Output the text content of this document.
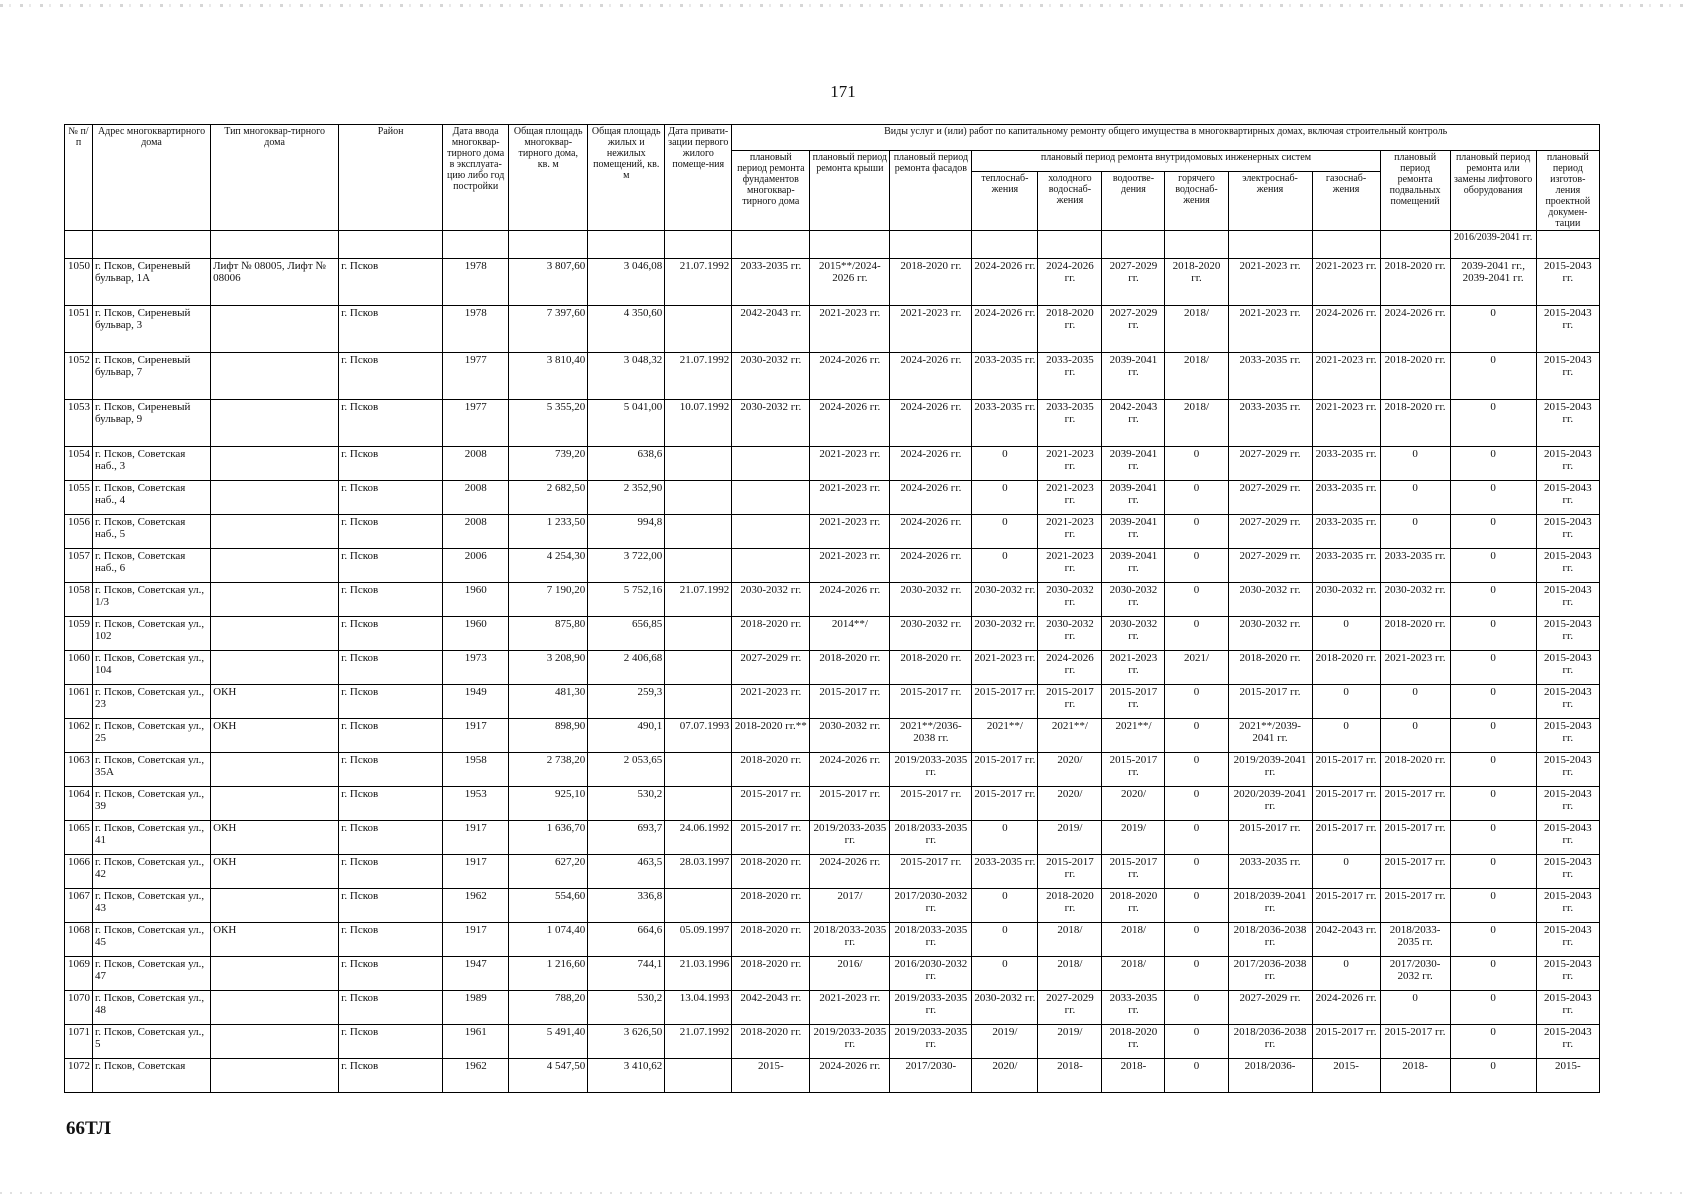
171
№ п/п	Адрес многоквартирного дома	Тип многоквар-тирного дома	Район	Дата ввода многоквар-тирного дома в эксплуата-цию либо год постройки	Общая площадь многоквар-тирного дома, кв. м	Общая площадь жилых и нежилых помещений, кв. м	Дата привати-зации первого жилого помеще-ния	Виды услуг и (или) работ по капитальному ремонту общего имущества в многоквартирных домах, включая строительный контроль											
								плановый период ремонта фундаментов многоквар-тирного дома	плановый период ремонта крыши	плановый период ремонта фасадов	плановый период ремонта внутридомовых инженерных систем						плановый период ремонта подвальных помещений	плановый период ремонта или замены лифтового оборудования	плановый период изготов-ления проектной докумен-тации
											теплоснаб-жения	холодного водоснаб-жения	водоотве-дения	горячего водоснаб-жения	электроснаб-жения	газоснаб-жения			
																		2016/2039-2041 гг.	
1050	г. Псков, Сиреневый бульвар, 1А	Лифт № 08005, Лифт № 08006	г. Псков	1978	3 807,60	3 046,08	21.07.1992	2033-2035 гг.	2015**/2024-2026 гг.	2018-2020 гг.	2024-2026 гг.	2024-2026 гг.	2027-2029 гг.	2018-2020 гг.	2021-2023 гг.	2021-2023 гг.	2018-2020 гг.	2039-2041 гг., 2039-2041 гг.	2015-2043 гг.
1051	г. Псков, Сиреневый бульвар, 3		г. Псков	1978	7 397,60	4 350,60		2042-2043 гг.	2021-2023 гг.	2021-2023 гг.	2024-2026 гг.	2018-2020 гг.	2027-2029 гг.	2018/	2021-2023 гг.	2024-2026 гг.	2024-2026 гг.	0	2015-2043 гг.
1052	г. Псков, Сиреневый бульвар, 7		г. Псков	1977	3 810,40	3 048,32	21.07.1992	2030-2032 гг.	2024-2026 гг.	2024-2026 гг.	2033-2035 гг.	2033-2035 гг.	2039-2041 гг.	2018/	2033-2035 гг.	2021-2023 гг.	2018-2020 гг.	0	2015-2043 гг.
1053	г. Псков, Сиреневый бульвар, 9		г. Псков	1977	5 355,20	5 041,00	10.07.1992	2030-2032 гг.	2024-2026 гг.	2024-2026 гг.	2033-2035 гг.	2033-2035 гг.	2042-2043 гг.	2018/	2033-2035 гг.	2021-2023 гг.	2018-2020 гг.	0	2015-2043 гг.
1054	г. Псков, Советская наб., 3		г. Псков	2008	739,20	638,6			2021-2023 гг.	2024-2026 гг.	0	2021-2023 гг.	2039-2041 гг.	0	2027-2029 гг.	2033-2035 гг.	0	0	2015-2043 гг.
1055	г. Псков, Советская наб., 4		г. Псков	2008	2 682,50	2 352,90			2021-2023 гг.	2024-2026 гг.	0	2021-2023 гг.	2039-2041 гг.	0	2027-2029 гг.	2033-2035 гг.	0	0	2015-2043 гг.
1056	г. Псков, Советская наб., 5		г. Псков	2008	1 233,50	994,8			2021-2023 гг.	2024-2026 гг.	0	2021-2023 гг.	2039-2041 гг.	0	2027-2029 гг.	2033-2035 гг.	0	0	2015-2043 гг.
1057	г. Псков, Советская наб., 6		г. Псков	2006	4 254,30	3 722,00			2021-2023 гг.	2024-2026 гг.	0	2021-2023 гг.	2039-2041 гг.	0	2027-2029 гг.	2033-2035 гг.	2033-2035 гг.	0	2015-2043 гг.
1058	г. Псков, Советская ул., 1/3		г. Псков	1960	7 190,20	5 752,16	21.07.1992	2030-2032 гг.	2024-2026 гг.	2030-2032 гг.	2030-2032 гг.	2030-2032 гг.	2030-2032 гг.	0	2030-2032 гг.	2030-2032 гг.	2030-2032 гг.	0	2015-2043 гг.
1059	г. Псков, Советская ул., 102		г. Псков	1960	875,80	656,85		2018-2020 гг.	2014**/	2030-2032 гг.	2030-2032 гг.	2030-2032 гг.	2030-2032 гг.	0	2030-2032 гг.	0	2018-2020 гг.	0	2015-2043 гг.
1060	г. Псков, Советская ул., 104		г. Псков	1973	3 208,90	2 406,68		2027-2029 гг.	2018-2020 гг.	2018-2020 гг.	2021-2023 гг.	2024-2026 гг.	2021-2023 гг.	2021/	2018-2020 гг.	2018-2020 гг.	2021-2023 гг.	0	2015-2043 гг.
1061	г. Псков, Советская ул., 23	ОКН	г. Псков	1949	481,30	259,3		2021-2023 гг.	2015-2017 гг.	2015-2017 гг.	2015-2017 гг.	2015-2017 гг.	2015-2017 гг.	0	2015-2017 гг.	0	0	0	2015-2043 гг.
1062	г. Псков, Советская ул., 25	ОКН	г. Псков	1917	898,90	490,1	07.07.1993	2018-2020 гг.**	2030-2032 гг.	2021**/2036-2038 гг.	2021**/	2021**/	2021**/	0	2021**/2039-2041 гг.	0	0	0	2015-2043 гг.
1063	г. Псков, Советская ул., 35А		г. Псков	1958	2 738,20	2 053,65		2018-2020 гг.	2024-2026 гг.	2019/2033-2035 гг.	2015-2017 гг.	2020/	2015-2017 гг.	0	2019/2039-2041 гг.	2015-2017 гг.	2018-2020 гг.	0	2015-2043 гг.
1064	г. Псков, Советская ул., 39		г. Псков	1953	925,10	530,2		2015-2017 гг.	2015-2017 гг.	2015-2017 гг.	2015-2017 гг.	2020/	2020/	0	2020/2039-2041 гг.	2015-2017 гг.	2015-2017 гг.	0	2015-2043 гг.
1065	г. Псков, Советская ул., 41	ОКН	г. Псков	1917	1 636,70	693,7	24.06.1992	2015-2017 гг.	2019/2033-2035 гг.	2018/2033-2035 гг.	0	2019/	2019/	0	2015-2017 гг.	2015-2017 гг.	2015-2017 гг.	0	2015-2043 гг.
1066	г. Псков, Советская ул., 42	ОКН	г. Псков	1917	627,20	463,5	28.03.1997	2018-2020 гг.	2024-2026 гг.	2015-2017 гг.	2033-2035 гг.	2015-2017 гг.	2015-2017 гг.	0	2033-2035 гг.	0	2015-2017 гг.	0	2015-2043 гг.
1067	г. Псков, Советская ул., 43		г. Псков	1962	554,60	336,8		2018-2020 гг.	2017/	2017/2030-2032 гг.	0	2018-2020 гг.	2018-2020 гг.	0	2018/2039-2041 гг.	2015-2017 гг.	2015-2017 гг.	0	2015-2043 гг.
1068	г. Псков, Советская ул., 45	ОКН	г. Псков	1917	1 074,40	664,6	05.09.1997	2018-2020 гг.	2018/2033-2035 гг.	2018/2033-2035 гг.	0	2018/	2018/	0	2018/2036-2038 гг.	2042-2043 гг.	2018/2033-2035 гг.	0	2015-2043 гг.
1069	г. Псков, Советская ул., 47		г. Псков	1947	1 216,60	744,1	21.03.1996	2018-2020 гг.	2016/	2016/2030-2032 гг.	0	2018/	2018/	0	2017/2036-2038 гг.	0	2017/2030-2032 гг.	0	2015-2043 гг.
1070	г. Псков, Советская ул., 48		г. Псков	1989	788,20	530,2	13.04.1993	2042-2043 гг.	2021-2023 гг.	2019/2033-2035 гг.	2030-2032 гг.	2027-2029 гг.	2033-2035 гг.	0	2027-2029 гг.	2024-2026 гг.	0	0	2015-2043 гг.
1071	г. Псков, Советская ул., 5		г. Псков	1961	5 491,40	3 626,50	21.07.1992	2018-2020 гг.	2019/2033-2035 гг.	2019/2033-2035 гг.	2019/	2019/	2018-2020 гг.	0	2018/2036-2038 гг.	2015-2017 гг.	2015-2017 гг.	0	2015-2043 гг.
1072	г. Псков, Советская		г. Псков	1962	4 547,50	3 410,62		2015-	2024-2026 гг.	2017/2030-	2020/	2018-	2018-	0	2018/2036-	2015-	2018-	0	2015-
66ТЛ
